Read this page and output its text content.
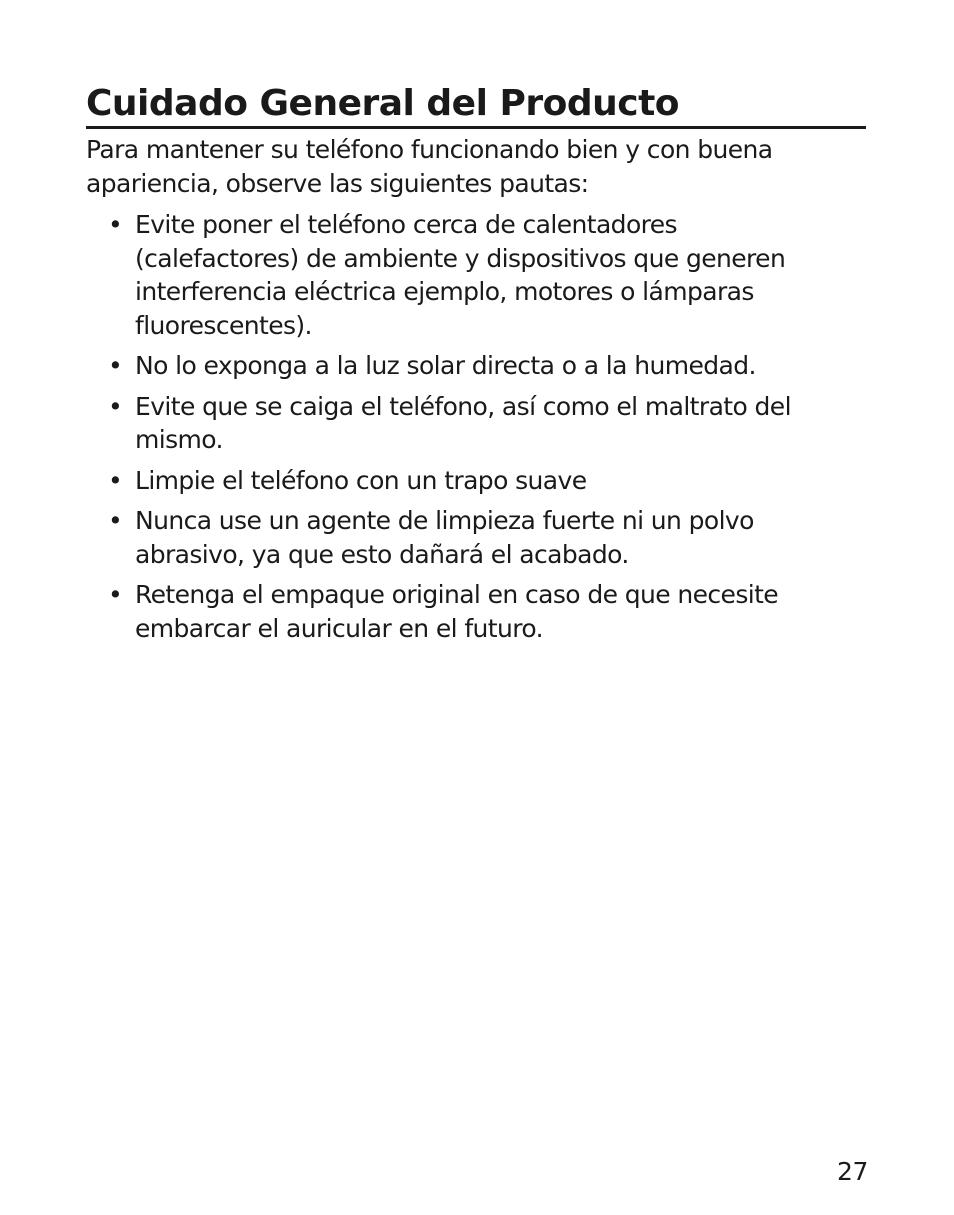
Cuidado General del Producto

Para mantener su teléfono funcionando bien y con buena apariencia, observe las siguientes pautas:

• Evite poner el teléfono cerca de calentadores (calefactores) de ambiente y dispositivos que generen interferencia eléctrica ejemplo, motores o lámparas fluorescentes).
• No lo exponga a la luz solar directa o a la humedad.
• Evite que se caiga el teléfono, así como el maltrato del mismo.
• Limpie el teléfono con un trapo suave
• Nunca use un agente de limpieza fuerte ni un polvo abrasivo, ya que esto dañará el acabado.
• Retenga el empaque original en caso de que necesite embarcar el auricular en el futuro.
27
